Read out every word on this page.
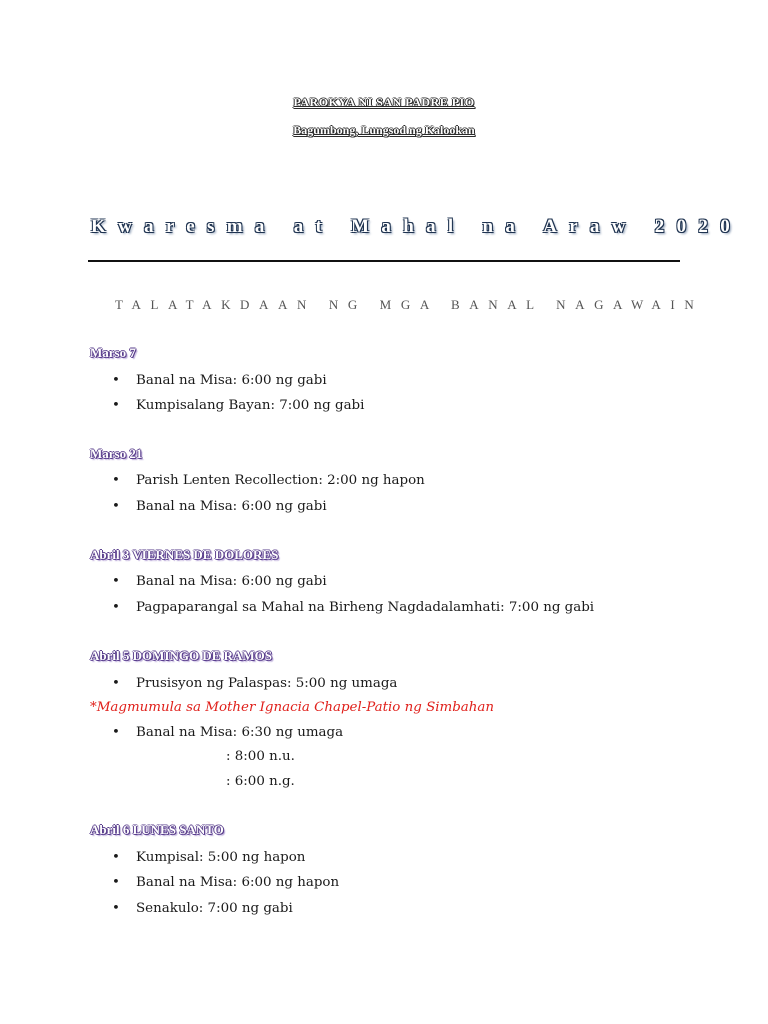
PAROKYA NI SAN PADRE PIO
Bagumbong, Lungsod ng Kalookan
Kwaresma at Mahal na Araw 2020
TALATAKDAAN NG MGA BANAL NAGAWAIN
Marso 7
• Banal na Misa: 6:00 ng gabi
• Kumpisalang Bayan: 7:00 ng gabi
Marso 21
• Parish Lenten Recollection: 2:00 ng hapon
• Banal na Misa: 6:00 ng gabi
Abril 3 VIERNES DE DOLORES
• Banal na Misa: 6:00 ng gabi
• Pagpaparangal sa Mahal na Birheng Nagdadalamhati: 7:00 ng gabi
Abril 5 DOMINGO DE RAMOS
• Prusisyon ng Palaspas: 5:00 ng umaga
*Magmumula sa Mother Ignacia Chapel-Patio ng Simbahan
• Banal na Misa: 6:30 ng umaga
: 8:00 n.u.
: 6:00 n.g.
Abril 6 LUNES SANTO
• Kumpisal: 5:00 ng hapon
• Banal na Misa: 6:00 ng hapon
• Senakulo: 7:00 ng gabi
